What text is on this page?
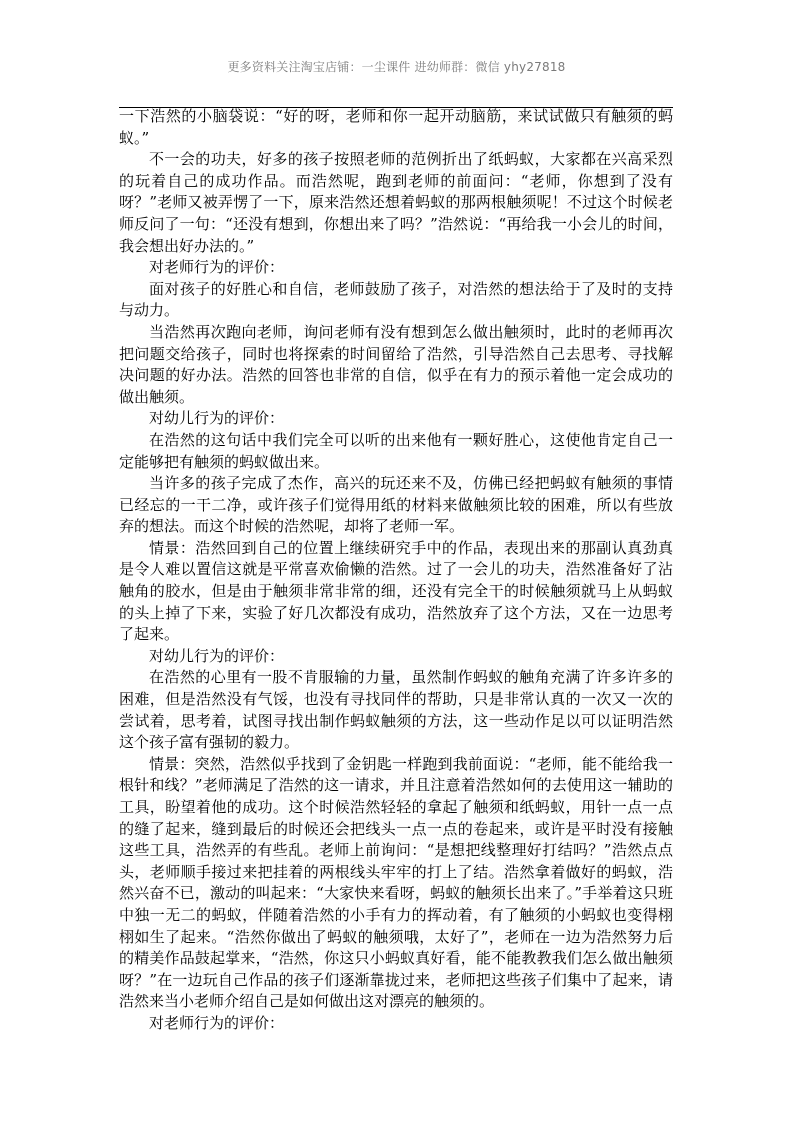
更多资料关注淘宝店铺：一尘课件 进幼师群：微信 yhy27818

一下浩然的小脑袋说：“好的呀，老师和你一起开动脑筋，来试试做只有触须的蚂蚁。”

不一会的功夫，好多的孩子按照老师的范例折出了纸蚂蚁，大家都在兴高采烈的玩着自己的成功作品。而浩然呢，跑到老师的前面问：“老师，你想到了没有呀？”老师又被弄愣了一下，原来浩然还想着蚂蚁的那两根触须呢！不过这个时候老师反问了一句：“还没有想到，你想出来了吗？”浩然说：“再给我一小会儿的时间，我会想出好办法的。”

对老师行为的评价：

面对孩子的好胜心和自信，老师鼓励了孩子，对浩然的想法给于了及时的支持与动力。

当浩然再次跑向老师，询问老师有没有想到怎么做出触须时，此时的老师再次把问题交给孩子，同时也将探索的时间留给了浩然，引导浩然自己去思考、寻找解决问题的好办法。浩然的回答也非常的自信，似乎在有力的预示着他一定会成功的做出触须。

对幼儿行为的评价：

在浩然的这句话中我们完全可以听的出来他有一颗好胜心，这使他肯定自己一定能够把有触须的蚂蚁做出来。

当许多的孩子完成了杰作，高兴的玩还来不及，仿佛已经把蚂蚁有触须的事情已经忘的一干二净，或许孩子们觉得用纸的材料来做触须比较的困难，所以有些放弃的想法。而这个时候的浩然呢，却将了老师一军。

情景：浩然回到自己的位置上继续研究手中的作品，表现出来的那副认真劲真是令人难以置信这就是平常喜欢偷懒的浩然。过了一会儿的功夫，浩然准备好了沾触角的胶水，但是由于触须非常非常的细，还没有完全干的时候触须就马上从蚂蚁的头上掉了下来，实验了好几次都没有成功，浩然放弃了这个方法，又在一边思考了起来。

对幼儿行为的评价：

在浩然的心里有一股不肯服输的力量，虽然制作蚂蚁的触角充满了许多许多的困难，但是浩然没有气馁，也没有寻找同伴的帮助，只是非常认真的一次又一次的尝试着，思考着，试图寻找出制作蚂蚁触须的方法，这一些动作足以可以证明浩然这个孩子富有强韧的毅力。

情景：突然，浩然似乎找到了金钥匙一样跑到我前面说：“老师，能不能给我一根针和线？”老师满足了浩然的这一请求，并且注意着浩然如何的去使用这一辅助的工具，盼望着他的成功。这个时候浩然轻轻的拿起了触须和纸蚂蚁，用针一点一点的缝了起来，缝到最后的时候还会把线头一点一点的卷起来，或许是平时没有接触这些工具，浩然弄的有些乱。老师上前询问：“是想把线整理好打结吗？”浩然点点头，老师顺手接过来把挂着的两根线头牢牢的打上了结。浩然拿着做好的蚂蚁，浩然兴奋不已，激动的叫起来：“大家快来看呀，蚂蚁的触须长出来了。”手举着这只班中独一无二的蚂蚁，伴随着浩然的小手有力的挥动着，有了触须的小蚂蚁也变得栩栩如生了起来。“浩然你做出了蚂蚁的触须哦，太好了”，老师在一边为浩然努力后的精美作品鼓起掌来，“浩然，你这只小蚂蚁真好看，能不能教教我们怎么做出触须呀？”在一边玩自己作品的孩子们逐渐靠拢过来，老师把这些孩子们集中了起来，请浩然来当小老师介绍自己是如何做出这对漂亮的触须的。

对老师行为的评价：
